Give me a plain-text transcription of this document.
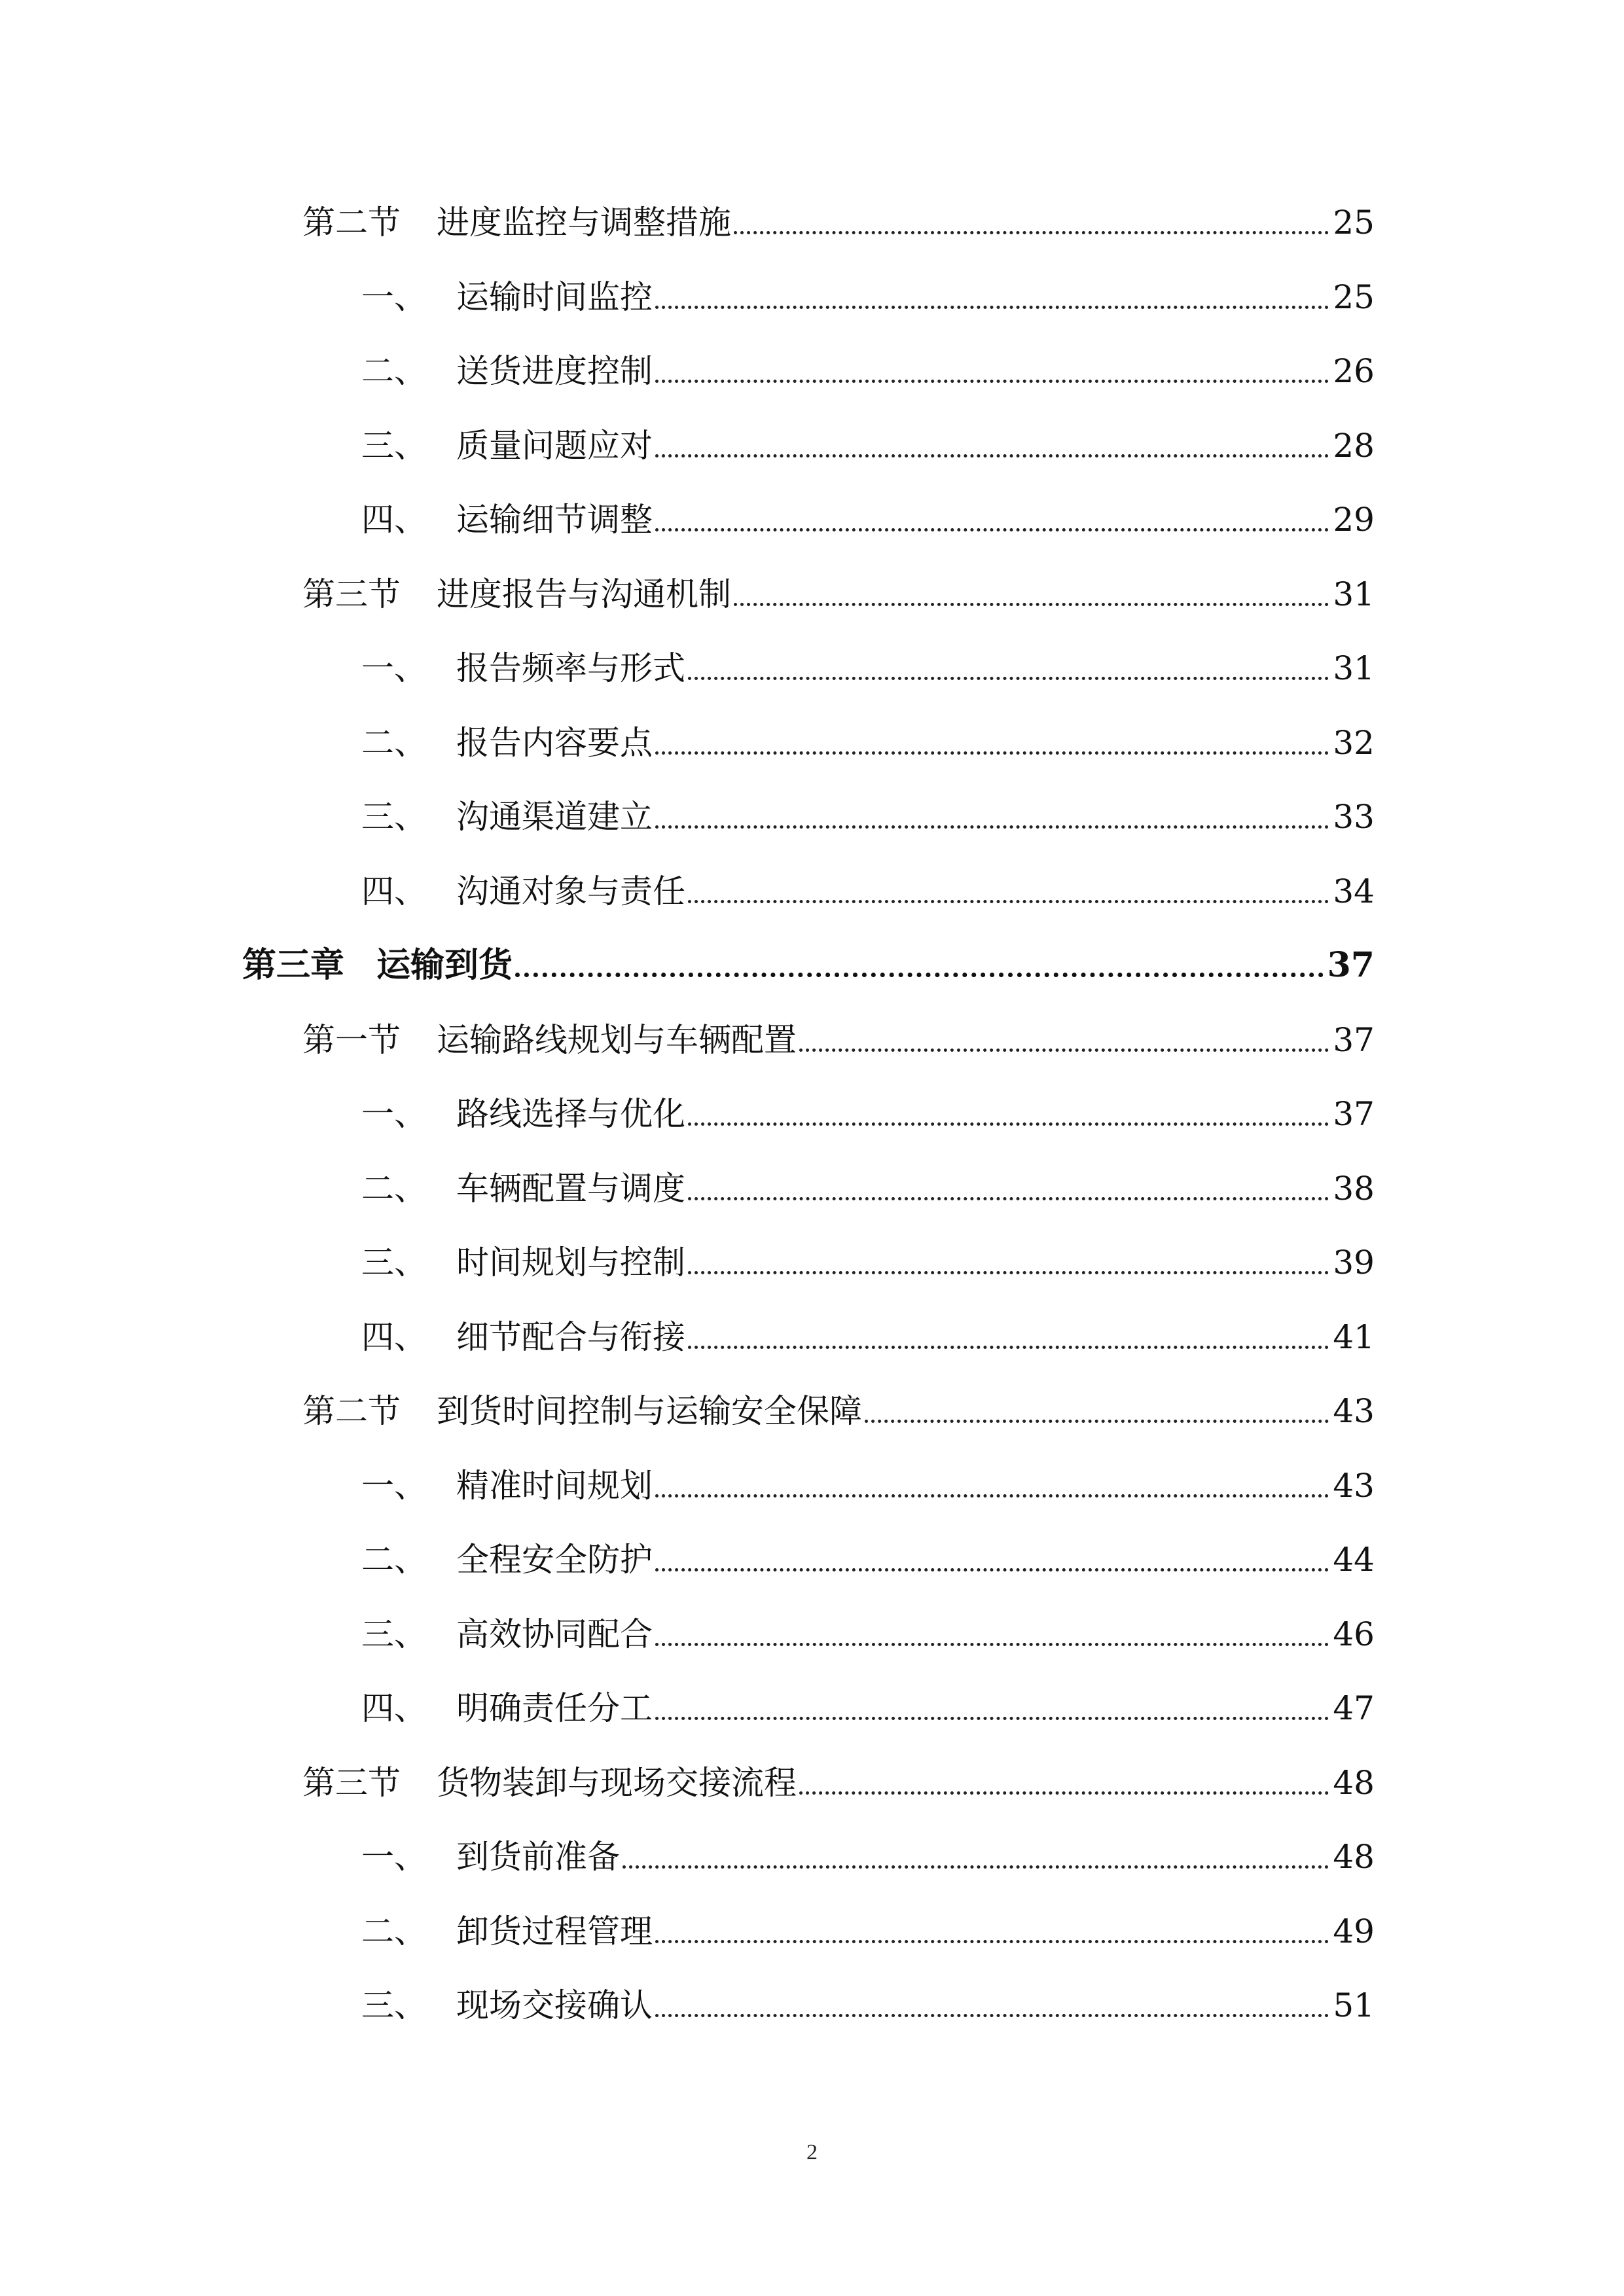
第二节	进度监控与调整措施	25
一、 运输时间监控	25
二、 送货进度控制	26
三、 质量问题应对	28
四、 运输细节调整	29
第三节	进度报告与沟通机制	31
一、 报告频率与形式	31
二、 报告内容要点	32
三、 沟通渠道建立	33
四、 沟通对象与责任	34
第三章 运输到货	37
第一节	运输路线规划与车辆配置	37
一、 路线选择与优化	37
二、 车辆配置与调度	38
三、 时间规划与控制	39
四、 细节配合与衔接	41
第二节	到货时间控制与运输安全保障	43
一、 精准时间规划	43
二、 全程安全防护	44
三、 高效协同配合	46
四、 明确责任分工	47
第三节	货物装卸与现场交接流程	48
一、 到货前准备	48
二、 卸货过程管理	49
三、 现场交接确认	51
2
